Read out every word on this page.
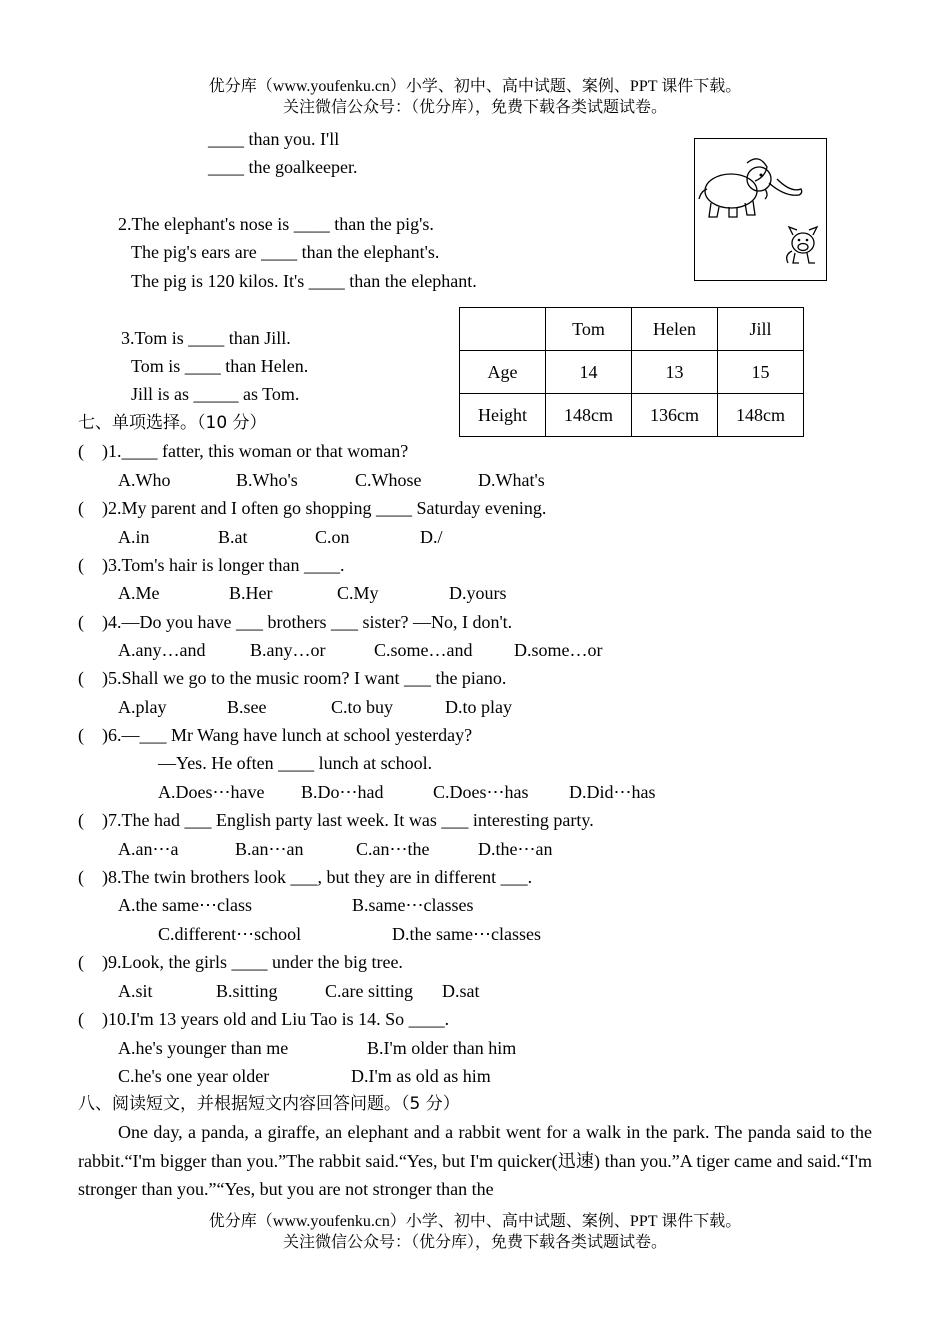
优分库（www.youfenku.cn）小学、初中、高中试题、案例、PPT 课件下载。
关注微信公众号：（优分库），免费下载各类试题试卷。
____ than you. I'll
____ the goalkeeper.
2.The elephant's nose is ____ than the pig's.
The pig's ears are ____ than the elephant's.
The pig is 120 kilos. It's ____ than the elephant.
3.Tom is ____ than Jill.
Tom is ____ than Helen.
Jill is as _____ as Tom.
	Tom	Helen	Jill
Age	14	13	15
Height	148cm	136cm	148cm
七、单项选择。（10 分）
(    )1.____ fatter, this woman or that woman?
A.Who	B.Who's	C.Whose	D.What's
(    )2.My parent and I often go shopping ____ Saturday evening.
A.in	B.at	C.on	D./
(    )3.Tom's hair is longer than ____.
A.Me	B.Her	C.My	D.yours
(    )4.—Do you have ___ brothers ___ sister? —No, I don't.
A.any…and B.any…or	C.some…and D.some…or
(    )5.Shall we go to the music room? I want ___ the piano.
A.play	B.see	C.to buy	D.to play
(    )6.—___ Mr Wang have lunch at school yesterday?
—Yes. He often ____ lunch at school.
A.Does⋯have B.Do⋯had	C.Does⋯has D.Did⋯has
(    )7.The had ___ English party last week. It was ___ interesting party.
A.an⋯a	B.an⋯an	C.an⋯the	D.the⋯an
(    )8.The twin brothers look ___, but they are in different ___.
A.the same⋯class	B.same⋯classes
C.different⋯school	D.the same⋯classes
(    )9.Look, the girls ____ under the big tree.
A.sit	B.sitting	C.are sitting D.sat
(    )10.I'm 13 years old and Liu Tao is 14. So ____.
A.he's younger than me	B.I'm older than him
C.he's one year older	D.I'm as old as him
八、阅读短文，并根据短文内容回答问题。（5 分）
One day, a panda, a giraffe, an elephant and a rabbit went for a walk in the park. The panda said to the rabbit.“I'm bigger than you.”The rabbit said.“Yes, but I'm quicker(迅速) than you.”A tiger came and said.“I'm stronger than you.”“Yes, but you are not stronger than the
优分库（www.youfenku.cn）小学、初中、高中试题、案例、PPT 课件下载。
关注微信公众号：（优分库），免费下载各类试题试卷。
